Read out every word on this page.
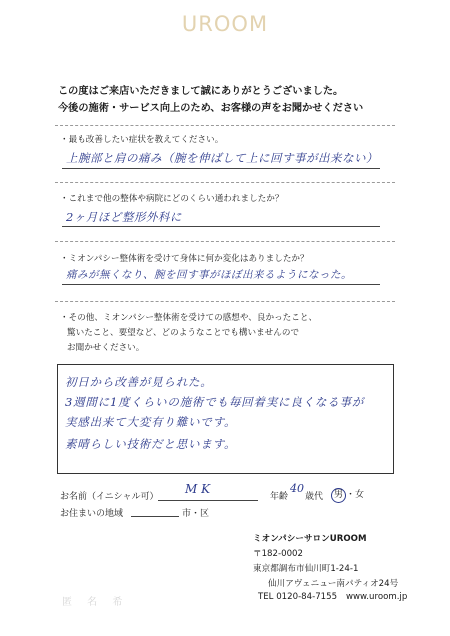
UROOM
この度はご来店いただきまして誠にありがとうございました。
今後の施術・サービス向上のため、お客様の声をお聞かせください
・最も改善したい症状を教えてください。
上腕部と肩の痛み（腕を伸ばして上に回す事が出来ない）
・これまで他の整体や病院にどのくらい通われましたか？
2ヶ月ほど整形外科に
・ミオンパシー整体術を受けて身体に何か変化はありましたか？
痛みが無くなり、腕を回す事がほぼ出来るようになった。
・その他、ミオンパシー整体術を受けての感想や、良かったこと、
驚いたこと、要望など、どのようなことでも構いませんので
お聞かせください。
初日から改善が見られた。
3週間に1度くらいの施術でも毎回着実に良くなる事が
実感出来て大変有り難いです。
素晴らしい技術だと思います。
お名前（イニシャル可）
M K
年齢
40
歳代	男 ・女
お住まいの地域	市・区
ミオンパシーサロンUROOM
〒182-0002
東京都調布市仙川町1-24-1
仙川アヴェニュー南パティオ24号
TEL 0120-84-7155 www.uroom.jp
匿 名 希
